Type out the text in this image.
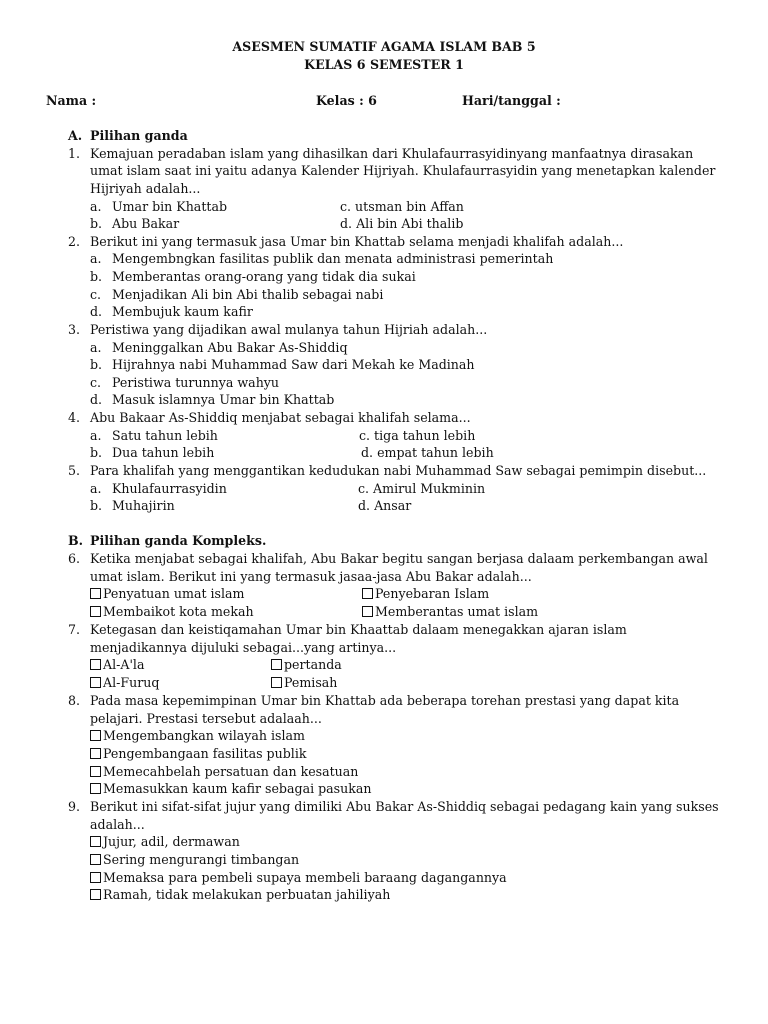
ASESMEN SUMATIF AGAMA ISLAM BAB 5
KELAS 6 SEMESTER 1
Nama :	Kelas : 6	Hari/tanggal :
A. Pilihan ganda
1. Kemajuan peradaban islam yang dihasilkan dari Khulafaurrasyidinyang manfaatnya dirasakan
umat islam saat ini yaitu adanya Kalender Hijriyah. Khulafaurrasyidin yang menetapkan kalender
Hijriyah adalah...
a. Umar bin Khattab
b. Abu Bakar
c. utsman bin Affan
d. Ali bin Abi thalib
2. Berikut ini yang termasuk jasa Umar bin Khattab selama menjadi khalifah adalah...
a. Mengembngkan fasilitas publik dan menata administrasi pemerintah
b. Memberantas orang-orang yang tidak dia sukai
c. Menjadikan Ali bin Abi thalib sebagai nabi
d. Membujuk kaum kafir
3. Peristiwa yang dijadikan awal mulanya tahun Hijriah adalah...
a. Meninggalkan Abu Bakar As-Shiddiq
b. Hijrahnya nabi Muhammad Saw dari Mekah ke Madinah
c. Peristiwa turunnya wahyu
d. Masuk islamnya Umar bin Khattab
4. Abu Bakaar As-Shiddiq menjabat sebagai khalifah selama...
a. Satu tahun lebih
b. Dua tahun lebih
c. tiga tahun lebih
d. empat tahun lebih
5. Para khalifah yang menggantikan kedudukan nabi Muhammad Saw sebagai pemimpin disebut...
a. Khulafaurrasyidin
b. Muhajirin
c. Amirul Mukminin
d. Ansar
B. Pilihan ganda Kompleks.
6. Ketika menjabat sebagai khalifah, Abu Bakar begitu sangan berjasa dalaam perkembangan awal
umat islam. Berikut ini yang termasuk jasaa-jasa Abu Bakar adalah...
Penyatuan umat islam
Membaikot kota mekah
Penyebaran Islam
Memberantas umat islam
7. Ketegasan dan keistiqamahan Umar bin Khaattab dalaam menegakkan ajaran islam
menjadikannya dijuluki sebagai...yang artinya...
Al-A'la
Al-Furuq
pertanda
Pemisah
8. Pada masa kepemimpinan Umar bin Khattab ada beberapa torehan prestasi yang dapat kita
pelajari. Prestasi tersebut adalaah...
Mengembangkan wilayah islam
Pengembangaan fasilitas publik
Memecahbelah persatuan dan kesatuan
Memasukkan kaum kafir sebagai pasukan
9. Berikut ini sifat-sifat jujur yang dimiliki Abu Bakar As-Shiddiq sebagai pedagang kain yang sukses
adalah...
Jujur, adil, dermawan
Sering mengurangi timbangan
Memaksa para pembeli supaya membeli baraang dagangannya
Ramah, tidak melakukan perbuatan jahiliyah
